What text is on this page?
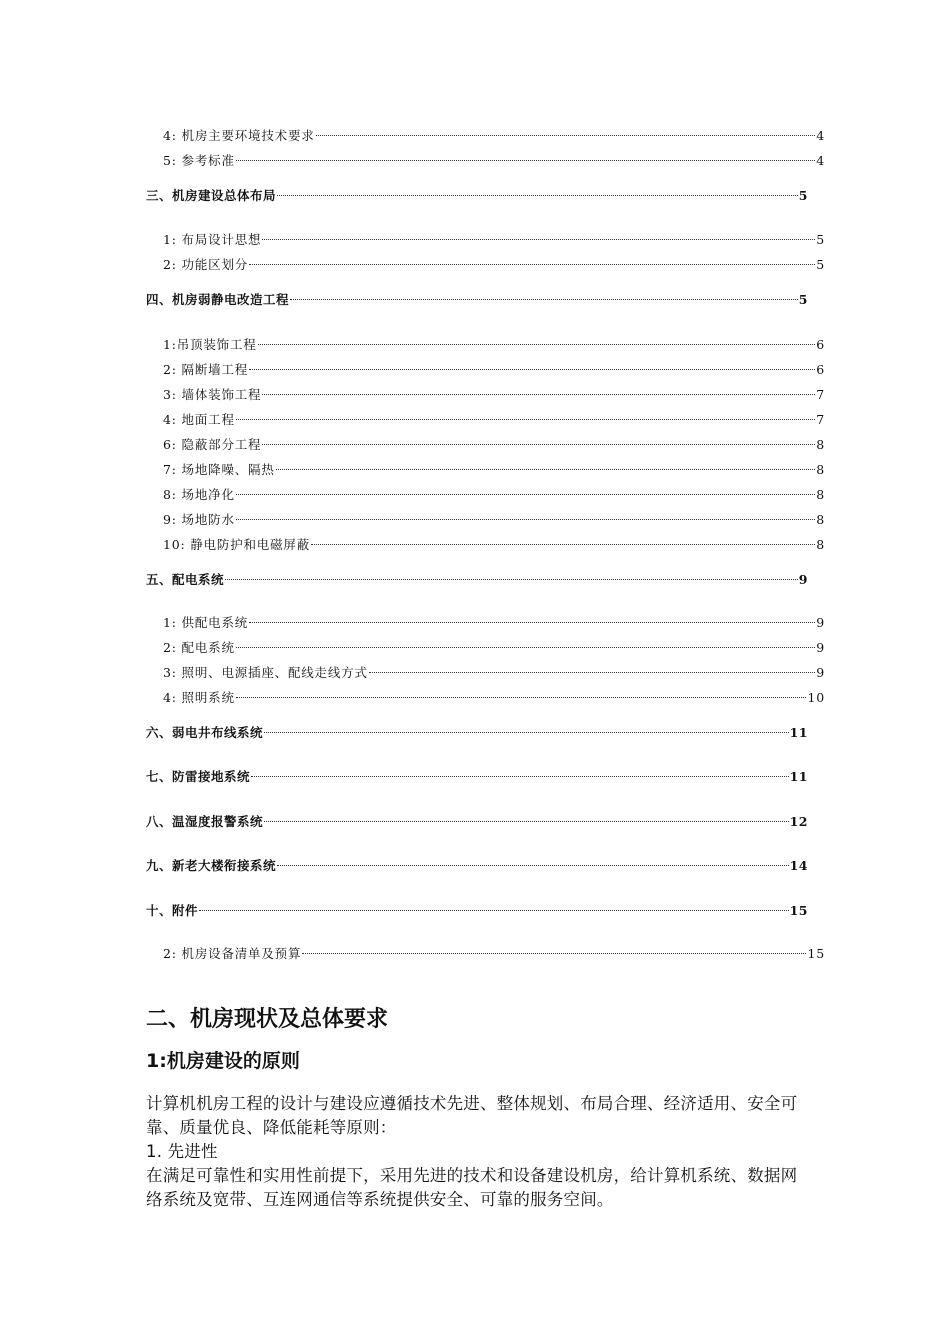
4: 机房主要环境技术要求	4
5: 参考标准	4
三、机房建设总体布局	5
1: 布局设计思想	5
2: 功能区划分	5
四、机房弱静电改造工程	5
1:吊顶装饰工程	6
2: 隔断墙工程	6
3: 墙体装饰工程	7
4: 地面工程	7
6: 隐蔽部分工程	8
7: 场地降噪、隔热	8
8: 场地净化	8
9: 场地防水	8
10: 静电防护和电磁屏蔽	8
五、配电系统	9
1: 供配电系统	9
2: 配电系统	9
3: 照明、电源插座、配线走线方式	9
4: 照明系统	10
六、弱电井布线系统	11
七、防雷接地系统	11
八、温湿度报警系统	12
九、新老大楼衔接系统	14
十、附件	15
2: 机房设备清单及预算	15
二、机房现状及总体要求
1:机房建设的原则
计算机机房工程的设计与建设应遵循技术先进、整体规划、布局合理、经济适用、安全可靠、质量优良、降低能耗等原则：
1. 先进性
在满足可靠性和实用性前提下，采用先进的技术和设备建设机房，给计算机系统、数据网络系统及宽带、互连网通信等系统提供安全、可靠的服务空间。
